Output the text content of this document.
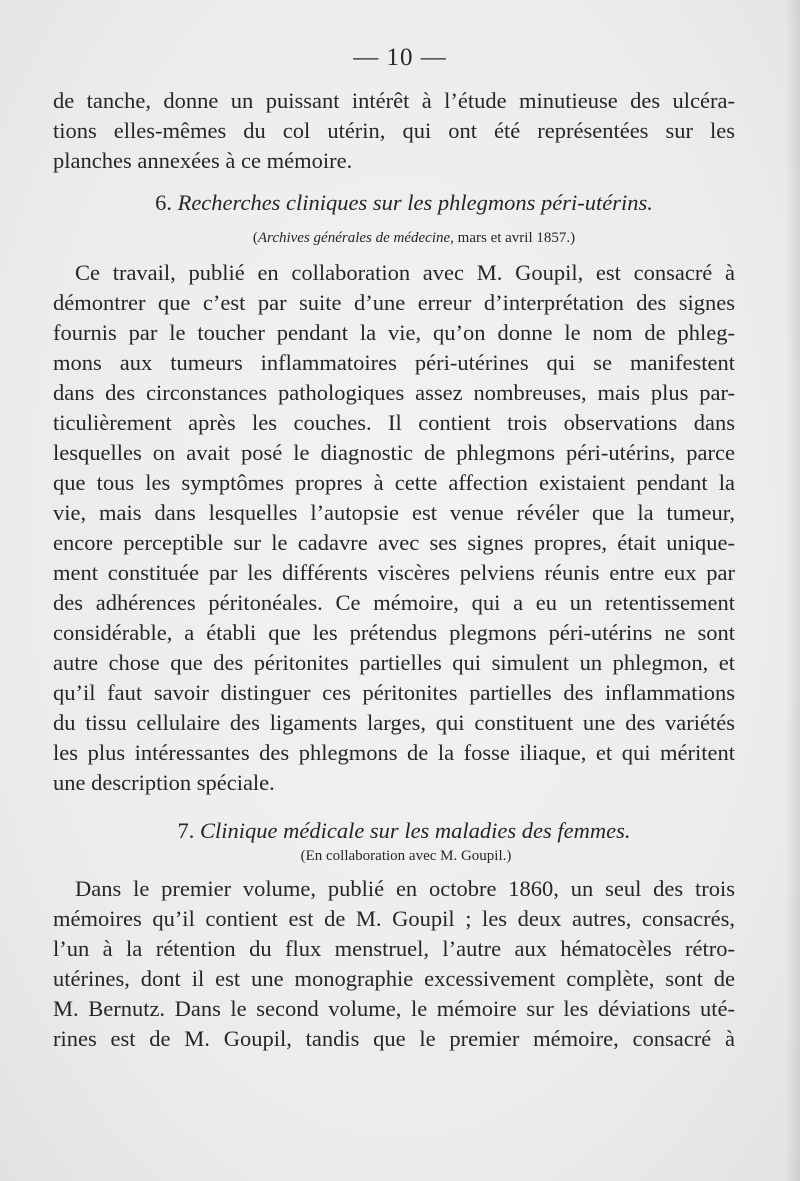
— 10 —
de tanche, donne un puissant intérêt à l’étude minutieuse des ulcéra-
tions elles-mêmes du col utérin, qui ont été représentées sur les
planches annexées à ce mémoire.
6. Recherches cliniques sur les phlegmons péri-utérins.
(Archives générales de médecine, mars et avril 1857.)
Ce travail, publié en collaboration avec M. Goupil, est consacré à
démontrer que c’est par suite d’une erreur d’interprétation des signes
fournis par le toucher pendant la vie, qu’on donne le nom de phleg-
mons aux tumeurs inflammatoires péri-utérines qui se manifestent
dans des circonstances pathologiques assez nombreuses, mais plus par-
ticulièrement après les couches. Il contient trois observations dans
lesquelles on avait posé le diagnostic de phlegmons péri-utérins, parce
que tous les symptômes propres à cette affection existaient pendant la
vie, mais dans lesquelles l’autopsie est venue révéler que la tumeur,
encore perceptible sur le cadavre avec ses signes propres, était unique-
ment constituée par les différents viscères pelviens réunis entre eux par
des adhérences péritonéales. Ce mémoire, qui a eu un retentissement
considérable, a établi que les prétendus plegmons péri-utérins ne sont
autre chose que des péritonites partielles qui simulent un phlegmon, et
qu’il faut savoir distinguer ces péritonites partielles des inflammations
du tissu cellulaire des ligaments larges, qui constituent une des variétés
les plus intéressantes des phlegmons de la fosse iliaque, et qui méritent
une description spéciale.
7. Clinique médicale sur les maladies des femmes.
(En collaboration avec M. Goupil.)
Dans le premier volume, publié en octobre 1860, un seul des trois
mémoires qu’il contient est de M. Goupil ; les deux autres, consacrés,
l’un à la rétention du flux menstruel, l’autre aux hématocèles rétro-
utérines, dont il est une monographie excessivement complète, sont de
M. Bernutz. Dans le second volume, le mémoire sur les déviations uté-
rines est de M. Goupil, tandis que le premier mémoire, consacré à
